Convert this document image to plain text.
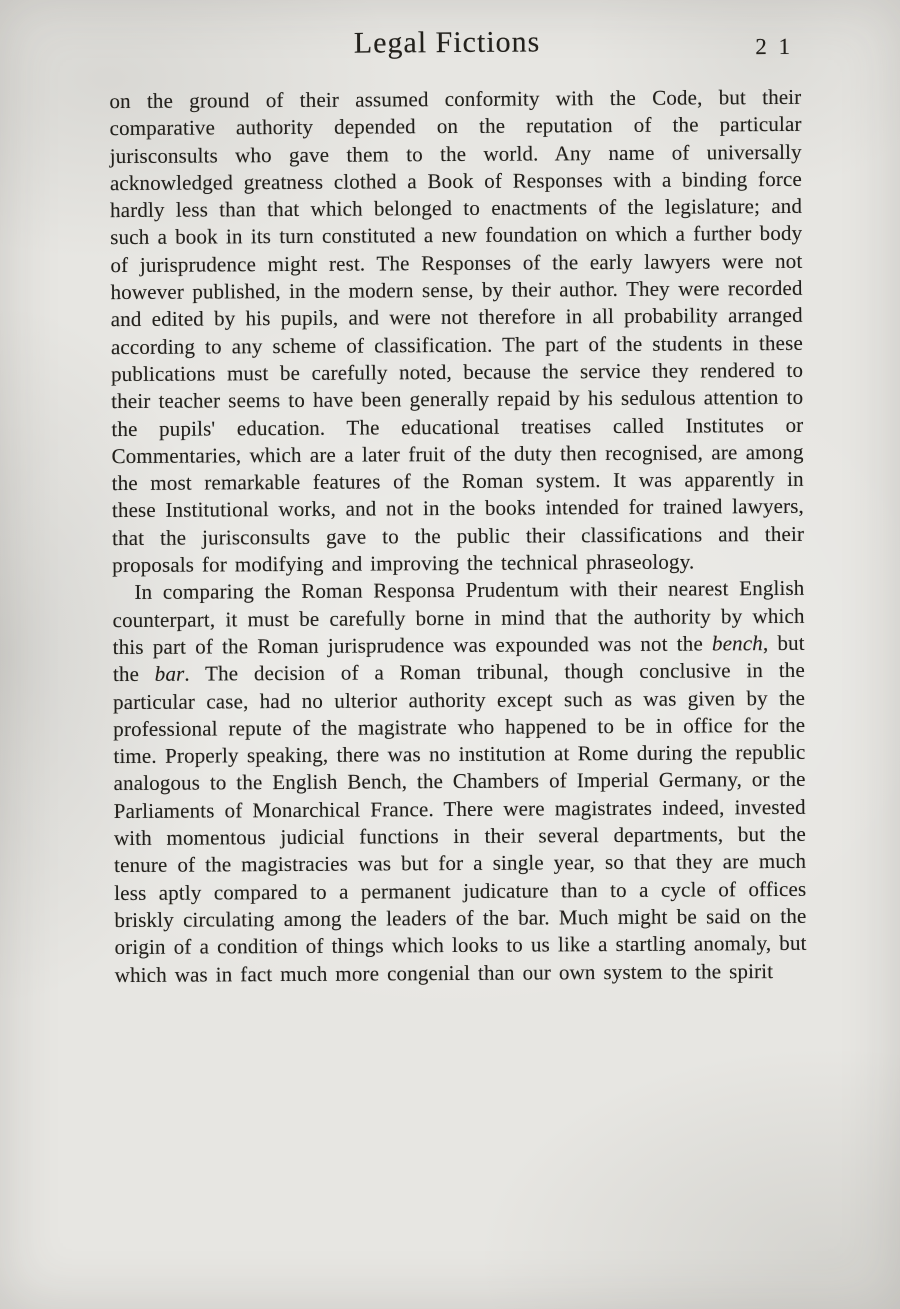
Legal Fictions	2 1

on the ground of their assumed conformity with the Code, but their comparative authority depended on the reputation of the particular jurisconsults who gave them to the world. Any name of universally acknowledged greatness clothed a Book of Responses with a binding force hardly less than that which belonged to enactments of the legislature; and such a book in its turn constituted a new foundation on which a further body of jurisprudence might rest. The Responses of the early lawyers were not however published, in the modern sense, by their author. They were recorded and edited by his pupils, and were not therefore in all probability arranged according to any scheme of classification. The part of the students in these publications must be carefully noted, because the service they rendered to their teacher seems to have been generally repaid by his sedulous attention to the pupils' education. The educational treatises called Institutes or Commentaries, which are a later fruit of the duty then recognised, are among the most remarkable features of the Roman system. It was apparently in these Institutional works, and not in the books intended for trained lawyers, that the jurisconsults gave to the public their classifications and their proposals for modifying and improving the technical phraseology.

In comparing the Roman Responsa Prudentum with their nearest English counterpart, it must be carefully borne in mind that the authority by which this part of the Roman jurisprudence was expounded was not the bench, but the bar. The decision of a Roman tribunal, though conclusive in the particular case, had no ulterior authority except such as was given by the professional repute of the magistrate who happened to be in office for the time. Properly speaking, there was no institution at Rome during the republic analogous to the English Bench, the Chambers of Imperial Germany, or the Parliaments of Monarchical France. There were magistrates indeed, invested with momentous judicial functions in their several departments, but the tenure of the magistracies was but for a single year, so that they are much less aptly compared to a permanent judicature than to a cycle of offices briskly circulating among the leaders of the bar. Much might be said on the origin of a condition of things which looks to us like a startling anomaly, but which was in fact much more congenial than our own system to the spirit
